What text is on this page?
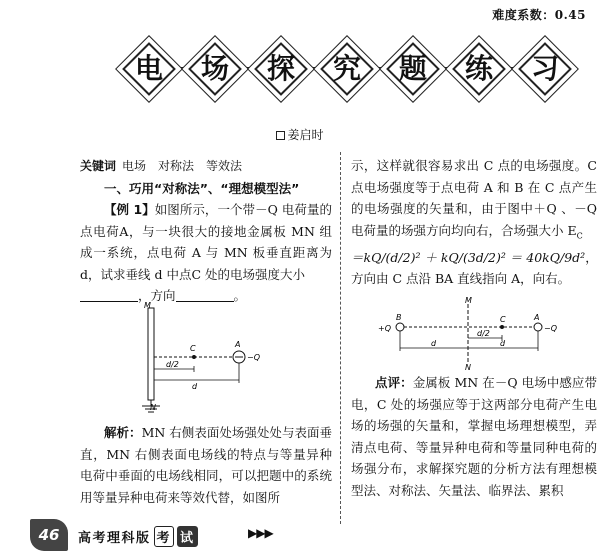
难度系数：0.45
电	场	探	究	题	练	习
姜启时
关键词 电场　对称法　等效法
一、巧用“对称法”、“理想模型法”
【例 1】如图所示，一个带－Q 电荷量的点电荷A，与一块很大的接地金属板 MN 组成一系统，点电荷 A 与 MN 板垂直距离为 d，试求垂线 d 中点C 处的电场强度大小
，方向	。
M
N
C	A
−Q
d/2
d
解析：MN 右侧表面处场强处处与表面垂直，MN 右侧表面电场线的特点与等量异种电荷中垂面的电场线相同，可以把题中的系统用等量异种电荷来等效代替，如图所
示，这样就很容易求出 C 点的电场强度。C 点电场强度等于点电荷 A 和 B 在 C 点产生的电场强度的矢量和，由于图中＋Q 、－Q 电荷量的场强方向均向右，合场强大小 $E_C$
＝kQ/(d/2)² ＋ kQ/(3d/2)² ＝ 40kQ/9d²，方向由 C 点沿 BA 直线指向 A，向右。
+Q
B
M
N
C	A
−Q
d/2
d	d
点评：金属板 MN 在－Q 电场中感应带电，C 处的场强应等于这两部分电荷产生电场的场强的矢量和，掌握电场理想模型，弄清点电荷、等量异种电荷和等量同种电荷的场强分布，求解探究题的分析方法有理想模型法、对称法、矢量法、临界法、累积
46	高考理科版 考 试	▶▶▶
